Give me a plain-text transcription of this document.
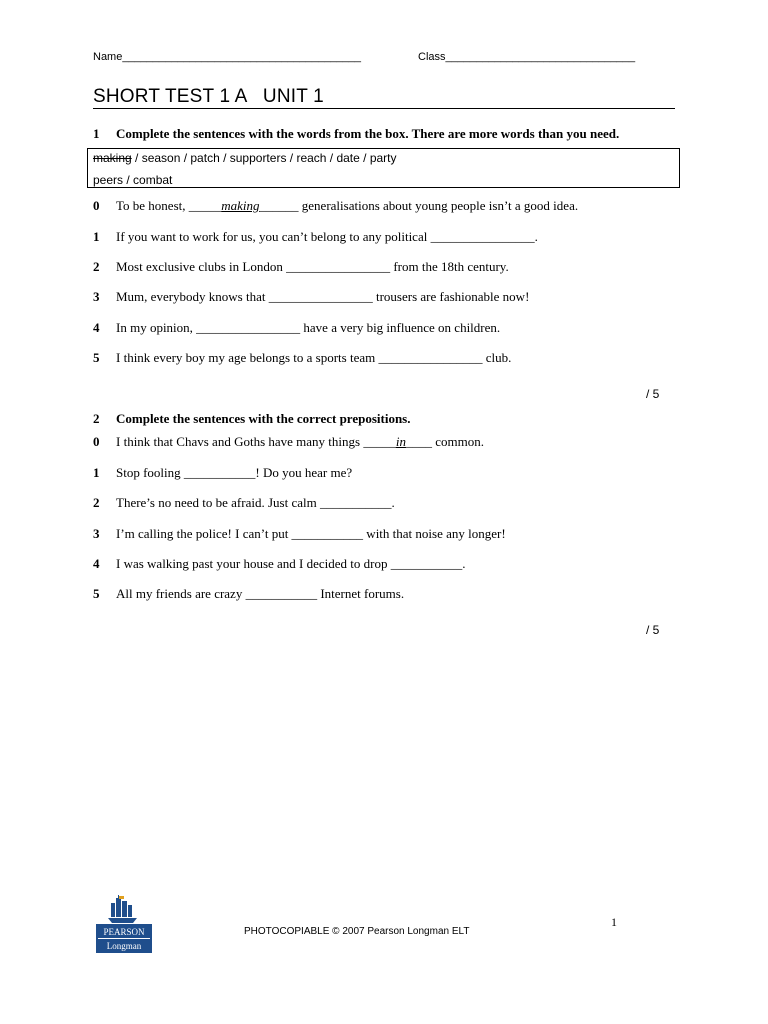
Name_______________________________________	Class_______________________________
SHORT TEST 1 A   UNIT 1
1 Complete the sentences with the words from the box. There are more words than you need.
making / season / patch / supporters / reach / date / party
peers / combat
0 To be honest, _____making______ generalisations about young people isn’t a good idea.
1 If you want to work for us, you can’t belong to any political ________________.
2 Most exclusive clubs in London ________________ from the 18th century.
3 Mum, everybody knows that ________________ trousers are fashionable now!
4 In my opinion, ________________ have a very big influence on children.
5 I think every boy my age belongs to a sports team ________________ club.
/ 5
2 Complete the sentences with the correct prepositions.
0 I think that Chavs and Goths have many things _____in____ common.
1 Stop fooling ___________! Do you hear me?
2 There’s no need to be afraid. Just calm ___________.
3 I’m calling the police! I can’t put ___________ with that noise any longer!
4 I was walking past your house and I decided to drop ___________.
5 All my friends are crazy ___________ Internet forums.
/ 5
PEARSON
Longman
PHOTOCOPIABLE © 2007 Pearson Longman ELT
1
